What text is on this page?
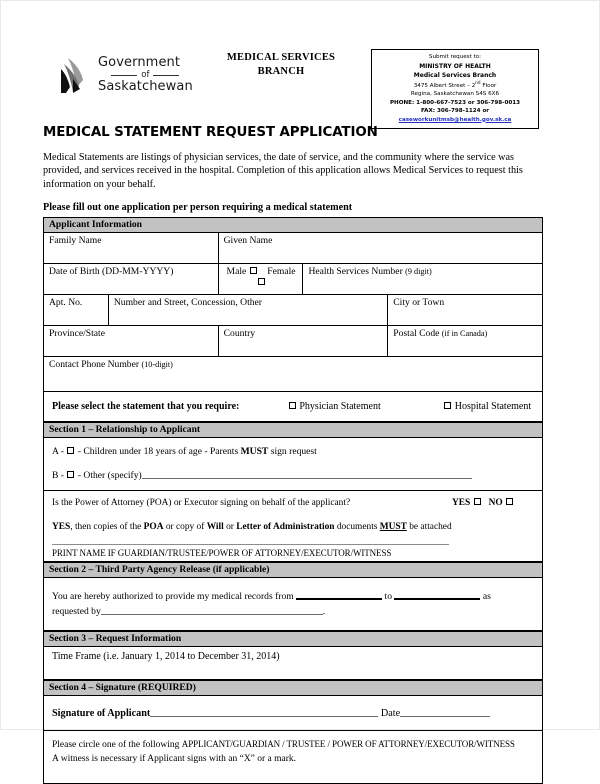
Government
of
Saskatchewan
MEDICAL SERVICES
BRANCH
Submit request to:
MINISTRY OF HEALTH
Medical Services Branch
3475 Albert Street – 2nd Floor
Regina, Saskatchewan S4S 6X6
PHONE: 1-800-667-7523 or 306-798-0013
FAX: 306-798-1124 or
caseworkunitmsb@health.gov.sk.ca
MEDICAL STATEMENT REQUEST APPLICATION
Medical Statements are listings of physician services, the date of service, and the community where the service was provided, and services received in the hospital. Completion of this application allows Medical Services to request this information on your behalf.
Please fill out one application per person requiring a medical statement
Applicant Information				
Family Name		Given Name		
Date of Birth (DD-MM-YYYY)		Male Female	Health Services Number (9 digit)	
Apt. No.	Number and Street, Concession, Other			City or Town
Province/State		Country		Postal Code (if in Canada)
Contact Phone Number (10-digit)				
Please select the statement that you require:	Physician Statement	Hospital Statement
Section 1 – Relationship to Applicant
A - - Children under 18 years of age - Parents MUST sign request
B - - Other (specify)
YES NO
Is the Power of Attorney (POA) or Executor signing on behalf of the applicant?
YES, then copies of the POA or copy of Will or Letter of Administration documents MUST be attached
PRINT NAME IF GUARDIAN/TRUSTEE/POWER OF ATTORNEY/EXECUTOR/WITNESS
Section 2 – Third Party Agency Release (if applicable)
You are hereby authorized to provide my medical records from	to	as
requested by	.
Section 3 – Request Information
Time Frame (i.e. January 1, 2014 to December 31, 2014)
Section 4 – Signature (REQUIRED)
Signature of Applicant	Date
Please circle one of the following APPLICANT/GUARDIAN / TRUSTEE / POWER OF ATTORNEY/EXECUTOR/WITNESS
A witness is necessary if Applicant signs with an “X” or a mark.
